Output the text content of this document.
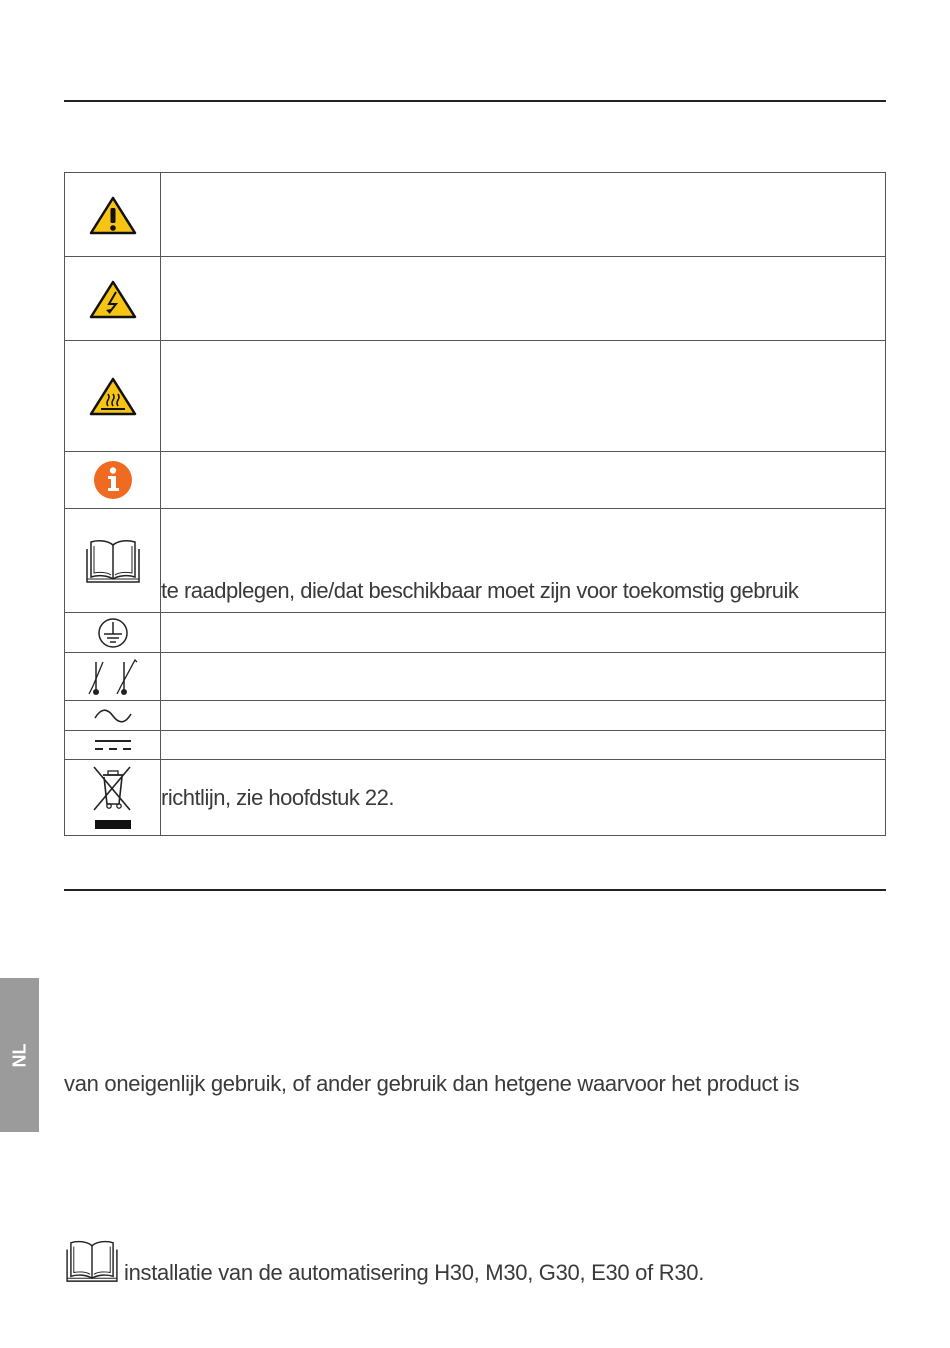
	te raadplegen, die/dat beschikbaar moet zijn voor toekomstig gebruik

	richtlijn, zie hoofdstuk 22.
NL
van oneigenlijk gebruik, of ander gebruik dan hetgene waarvoor het product is
installatie van de automatisering H30, M30, G30, E30 of R30.
